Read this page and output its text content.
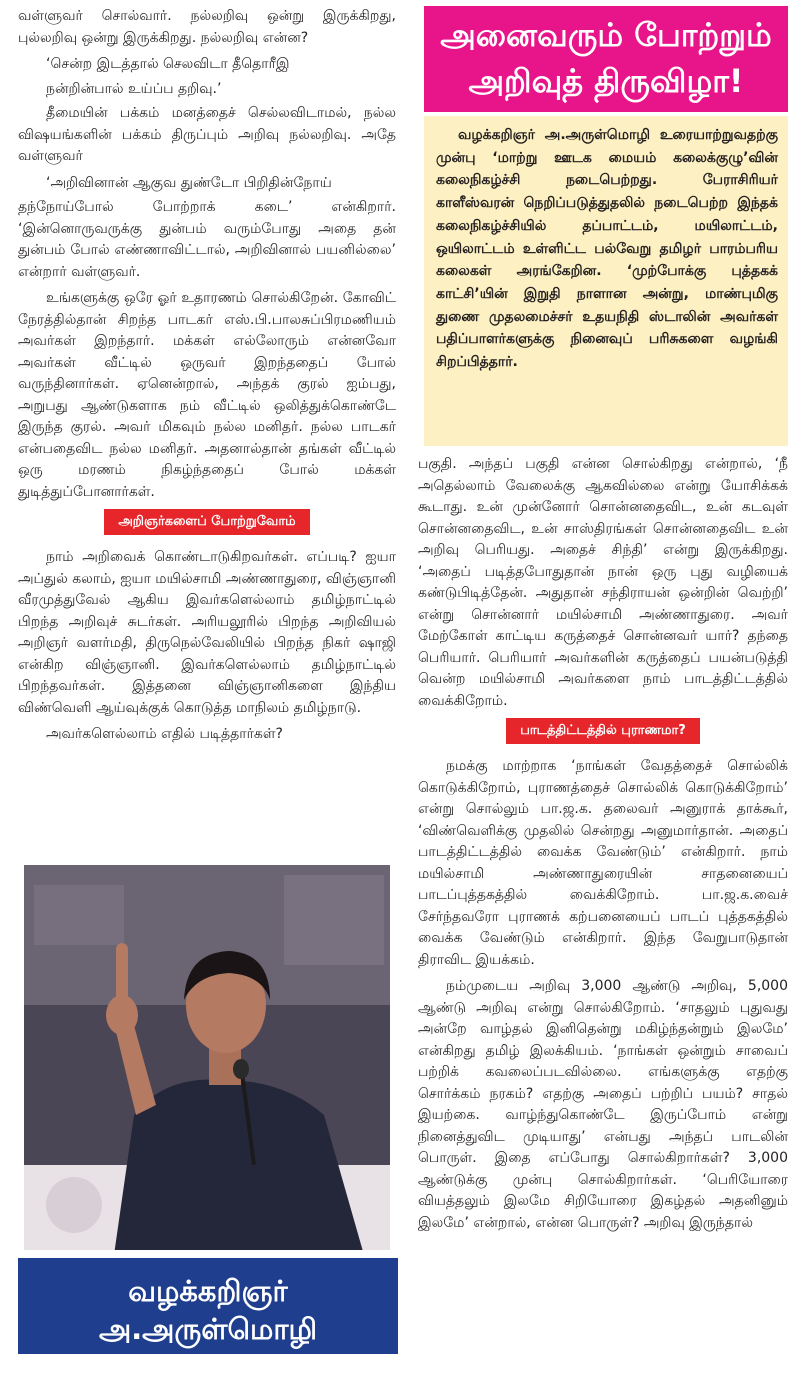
வள்ளுவர் சொல்வார். நல்லறிவு ஒன்று இருக்கிறது, புல்லறிவு ஒன்று இருக்கிறது. நல்லறிவு என்ன?

‘சென்ற இடத்தால் செலவிடா தீதொரீஇ

நன்றின்பால் உய்ப்ப தறிவு.’

தீமையின் பக்கம் மனத்தைச் செல்லவிடாமல், நல்ல விஷயங்களின் பக்கம் திருப்பும் அறிவு நல்லறிவு. அதே வள்ளுவர்

‘அறிவினான் ஆகுவ துண்டோ பிறிதின்நோய்

தந்நோய்போல் போற்றாக் கடை’ என்கிறார். ‘இன்னொருவருக்கு துன்பம் வரும்போது அதை தன் துன்பம் போல் எண்ணாவிட்டால், அறிவினால் பயனில்லை’ என்றார் வள்ளுவர்.

உங்களுக்கு ஒரே ஓர் உதாரணம் சொல்கிறேன். கோவிட் நேரத்தில்தான் சிறந்த பாடகர் எஸ்.பி.பாலசுப்பிரமணியம் அவர்கள் இறந்தார். மக்கள் எல்லோரும் என்னவோ அவர்கள் வீட்டில் ஒருவர் இறந்ததைப் போல் வருந்தினார்கள். ஏனென்றால், அந்தக் குரல் ஐம்பது, அறுபது ஆண்டுகளாக நம் வீட்டில் ஒலித்துக்கொண்டே இருந்த குரல். அவர் மிகவும் நல்ல மனிதர். நல்ல பாடகர் என்பதைவிட நல்ல மனிதர். அதனால்தான் தங்கள் வீட்டில் ஒரு மரணம் நிகழ்ந்ததைப் போல் மக்கள் துடித்துப்போனார்கள்.

அறிஞர்களைப் போற்றுவோம்

நாம் அறிவைக் கொண்டாடுகிறவர்கள். எப்படி? ஐயா அப்துல் கலாம், ஐயா மயில்சாமி அண்ணாதுரை, விஞ்ஞானி வீரமுத்துவேல் ஆகிய இவர்களெல்லாம் தமிழ்நாட்டில் பிறந்த அறிவுச் சுடர்கள். அரியலூரில் பிறந்த அறிவியல் அறிஞர் வளர்மதி, திருநெல்வேலியில் பிறந்த நிகர் ஷாஜி என்கிற விஞ்ஞானி. இவர்களெல்லாம் தமிழ்நாட்டில் பிறந்தவர்கள். இத்தனை விஞ்ஞானிகளை இந்திய விண்வெளி ஆய்வுக்குக் கொடுத்த மாநிலம் தமிழ்நாடு.

அவர்களெல்லாம் எதில் படித்தார்கள்?

வழக்கறிஞர் அ.அருள்மொழி
திராவிடர் கழகப் பிரச்சாரச் செயலாளர்
அனைவரும் போற்றும்
அறிவுத் திருவிழா!

வழக்கறிஞர் அ.அருள்மொழி உரையாற்றுவதற்கு முன்பு ‘மாற்று ஊடக மையம் கலைக்குழு’வின் கலைநிகழ்ச்சி நடைபெற்றது. பேராசிரியர் காளீஸ்வரன் நெறிப்படுத்துதலில் நடைபெற்ற இந்தக் கலைநிகழ்ச்சியில் தப்பாட்டம், மயிலாட்டம், ஒயிலாட்டம் உள்ளிட்ட பல்வேறு தமிழர் பாரம்பரிய கலைகள் அரங்கேறின. ‘முற்போக்கு புத்தகக் காட்சி’யின் இறுதி நாளான அன்று, மாண்புமிகு துணை முதலமைச்சர் உதயநிதி ஸ்டாலின் அவர்கள் பதிப்பாளர்களுக்கு நினைவுப் பரிசுகளை வழங்கி சிறப்பித்தார்.

பகுதி. அந்தப் பகுதி என்ன சொல்கிறது என்றால், ‘நீ அதெல்லாம் வேலைக்கு ஆகவில்லை என்று யோசிக்கக் கூடாது. உன் முன்னோர் சொன்னதைவிட, உன் கடவுள் சொன்னதைவிட, உன் சாஸ்திரங்கள் சொன்னதைவிட உன் அறிவு பெரியது. அதைச் சிந்தி’ என்று இருக்கிறது. ‘அதைப் படித்தபோதுதான் நான் ஒரு புது வழியைக் கண்டுபிடித்தேன். அதுதான் சந்திராயன் ஒன்றின் வெற்றி’ என்று சொன்னார் மயில்சாமி அண்ணாதுரை. அவர் மேற்கோள் காட்டிய கருத்தைச் சொன்னவர் யார்? தந்தை பெரியார். பெரியார் அவர்களின் கருத்தைப் பயன்படுத்தி வென்ற மயில்சாமி அவர்களை நாம் பாடத்திட்டத்தில் வைக்கிறோம்.

பாடத்திட்டத்தில் புராணமா?

நமக்கு மாற்றாக ‘நாங்கள் வேதத்தைச் சொல்லிக் கொடுக்கிறோம், புராணத்தைச் சொல்லிக் கொடுக்கிறோம்’ என்று சொல்லும் பா.ஜ.க. தலைவர் அனுராக் தாக்கூர், ‘விண்வெளிக்கு முதலில் சென்றது அனுமார்தான். அதைப் பாடத்திட்டத்தில் வைக்க வேண்டும்’ என்கிறார். நாம் மயில்சாமி அண்ணாதுரையின் சாதனையைப் பாடப்புத்தகத்தில் வைக்கிறோம். பா.ஜ.க.வைச் சேர்ந்தவரோ புராணக் கற்பனையைப் பாடப் புத்தகத்தில் வைக்க வேண்டும் என்கிறார். இந்த வேறுபாடுதான் திராவிட இயக்கம்.

நம்முடைய அறிவு 3,000 ஆண்டு அறிவு, 5,000 ஆண்டு அறிவு என்று சொல்கிறோம். ‘சாதலும் புதுவது அன்றே வாழ்தல் இனிதென்று மகிழ்ந்தன்றும் இலமே’ என்கிறது தமிழ் இலக்கியம். ‘நாங்கள் ஒன்றும் சாவைப் பற்றிக் கவலைப்படவில்லை. எங்களுக்கு எதற்கு சொர்க்கம் நரகம்? எதற்கு அதைப் பற்றிப் பயம்? சாதல் இயற்கை. வாழ்ந்துகொண்டே இருப்போம் என்று நினைத்துவிட முடியாது’ என்பது அந்தப் பாடலின் பொருள். இதை எப்போது சொல்கிறார்கள்? 3,000 ஆண்டுக்கு முன்பு சொல்கிறார்கள். ‘பெரியோரை வியத்தலும் இலமே சிறியோரை இகழ்தல் அதனினும் இலமே’ என்றால், என்ன பொருள்? அறிவு இருந்தால்
